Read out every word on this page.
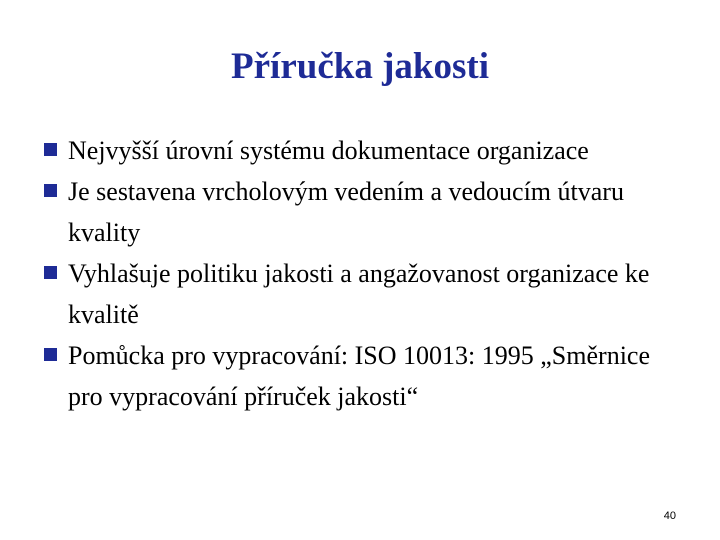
Příručka jakosti
Nejvyšší úrovní systému dokumentace organizace
Je sestavena vrcholovým vedením a vedoucím útvaru kvality
Vyhlašuje politiku jakosti a angažovanost organizace ke kvalitě
Pomůcka pro vypracování: ISO 10013: 1995 „Směrnice pro vypracování příruček jakosti“
40
